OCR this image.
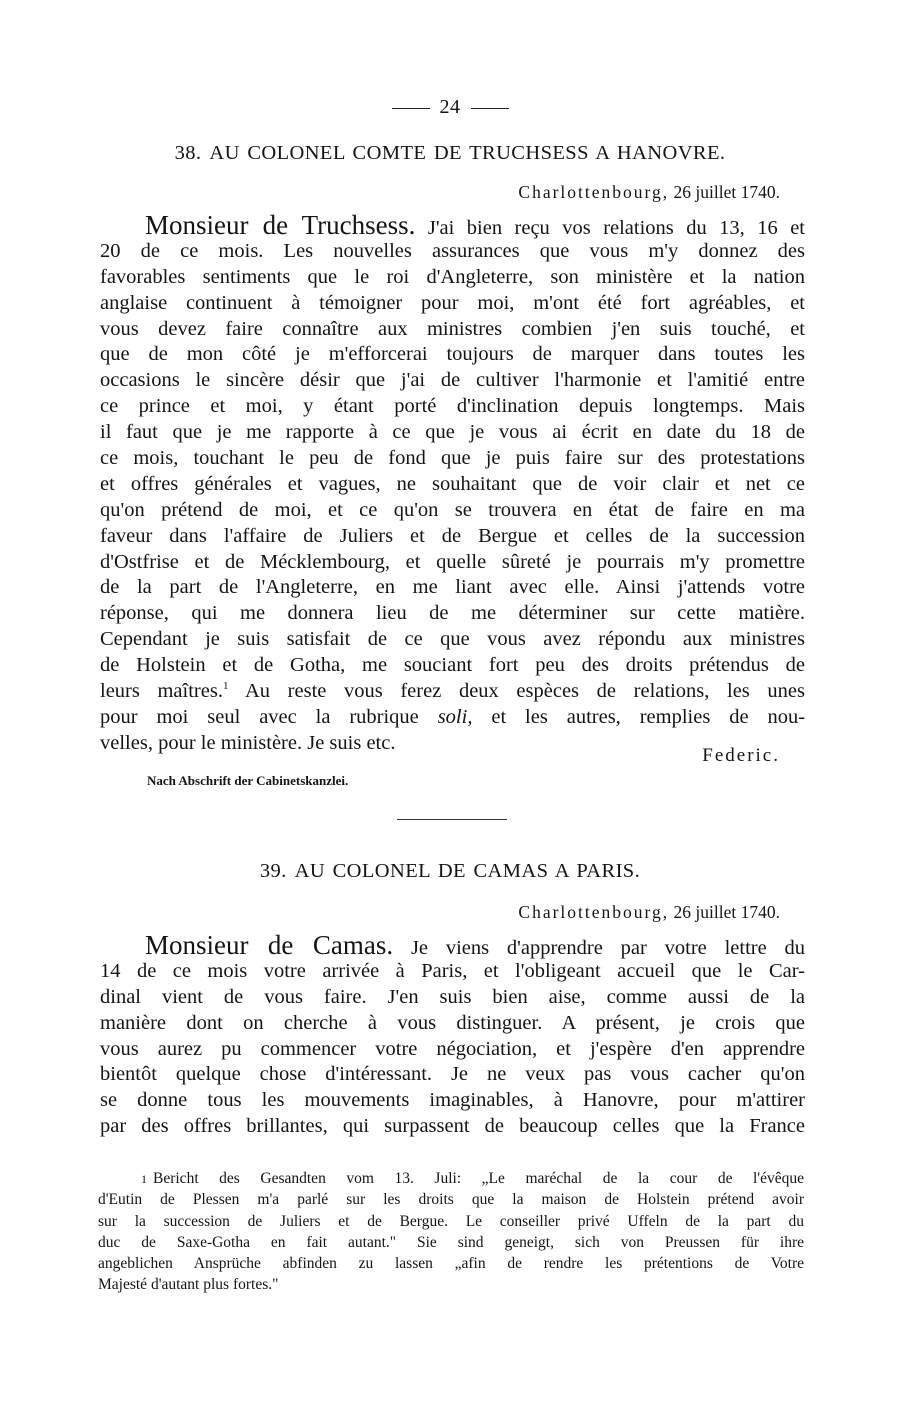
24
38. AU COLONEL COMTE DE TRUCHSESS A HANOVRE.
Charlottenbourg, 26 juillet 1740.
Monsieur de Truchsess. J'ai bien reçu vos relations du 13, 16 et
20 de ce mois. Les nouvelles assurances que vous m'y donnez des
favorables sentiments que le roi d'Angleterre, son ministère et la nation
anglaise continuent à témoigner pour moi, m'ont été fort agréables, et
vous devez faire connaître aux ministres combien j'en suis touché, et
que de mon côté je m'efforcerai toujours de marquer dans toutes les
occasions le sincère désir que j'ai de cultiver l'harmonie et l'amitié entre
ce prince et moi, y étant porté d'inclination depuis longtemps. Mais
il faut que je me rapporte à ce que je vous ai écrit en date du 18 de
ce mois, touchant le peu de fond que je puis faire sur des protestations
et offres générales et vagues, ne souhaitant que de voir clair et net ce
qu'on prétend de moi, et ce qu'on se trouvera en état de faire en ma
faveur dans l'affaire de Juliers et de Bergue et celles de la succession
d'Ostfrise et de Mécklembourg, et quelle sûreté je pourrais m'y promettre
de la part de l'Angleterre, en me liant avec elle. Ainsi j'attends votre
réponse, qui me donnera lieu de me déterminer sur cette matière.
Cependant je suis satisfait de ce que vous avez répondu aux ministres
de Holstein et de Gotha, me souciant fort peu des droits prétendus de
leurs maîtres.$^1$ Au reste vous ferez deux espèces de relations, les unes
pour moi seul avec la rubrique soli, et les autres, remplies de nou-
velles, pour le ministère. Je suis etc.
Federic.
Nach Abschrift der Cabinetskanzlei.
39. AU COLONEL DE CAMAS A PARIS.
Charlottenbourg, 26 juillet 1740.
Monsieur de Camas. Je viens d'apprendre par votre lettre du
14 de ce mois votre arrivée à Paris, et l'obligeant accueil que le Car-
dinal vient de vous faire. J'en suis bien aise, comme aussi de la
manière dont on cherche à vous distinguer. A présent, je crois que
vous aurez pu commencer votre négociation, et j'espère d'en apprendre
bientôt quelque chose d'intéressant. Je ne veux pas vous cacher qu'on
se donne tous les mouvements imaginables, à Hanovre, pour m'attirer
par des offres brillantes, qui surpassent de beaucoup celles que la France
1 Bericht des Gesandten vom 13. Juli: „Le maréchal de la cour de l'évêque
d'Eutin de Plessen m'a parlé sur les droits que la maison de Holstein prétend avoir
sur la succession de Juliers et de Bergue. Le conseiller privé Uffeln de la part du
duc de Saxe-Gotha en fait autant." Sie sind geneigt, sich von Preussen für ihre
angeblichen Ansprüche abfinden zu lassen „afin de rendre les prétentions de Votre
Majesté d'autant plus fortes."
